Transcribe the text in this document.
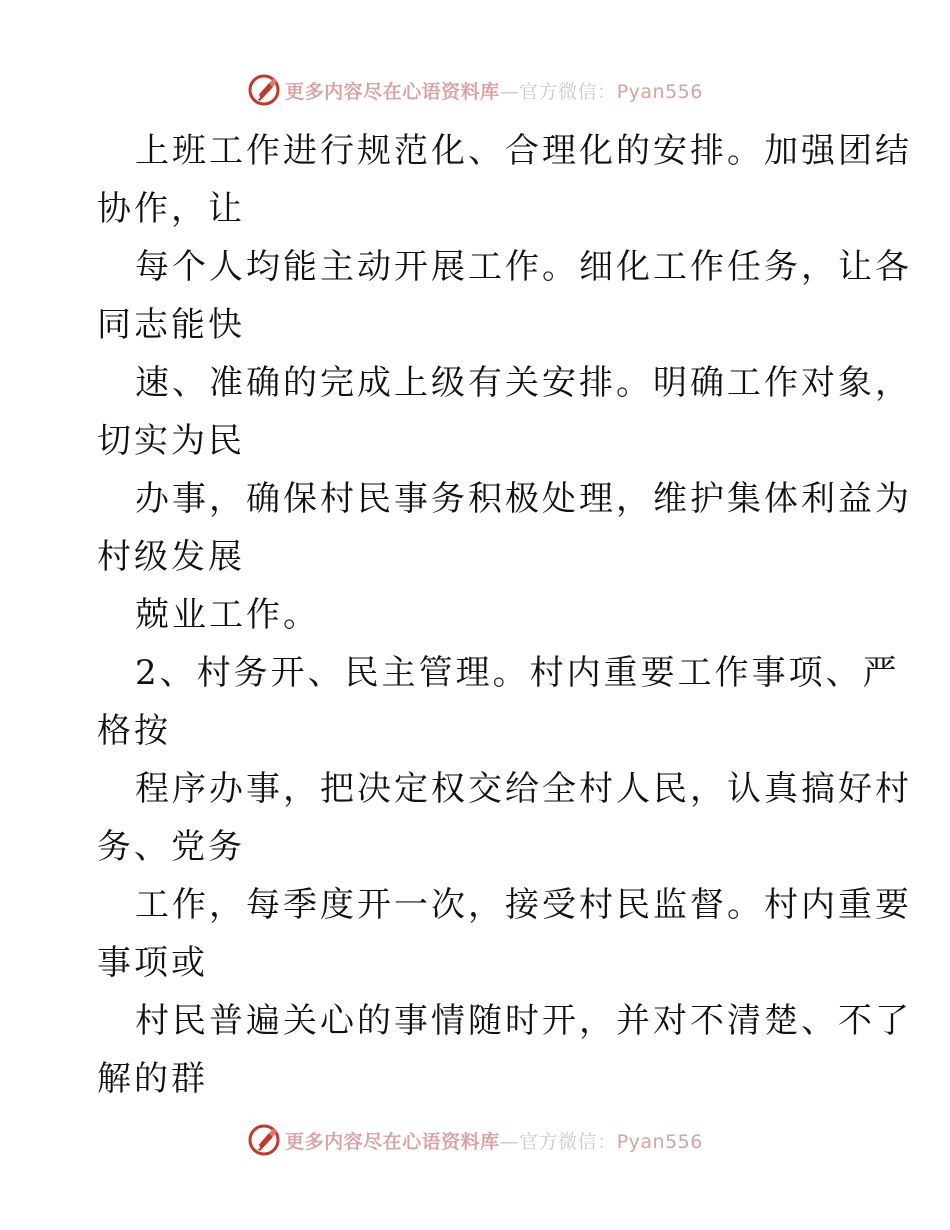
更多内容尽在心语资料库—官方微信：Pyan556
上班工作进行规范化、合理化的安排。加强团结
协作，让
每个人均能主动开展工作。细化工作任务，让各
同志能快
速、准确的完成上级有关安排。明确工作对象，
切实为民
办事，确保村民事务积极处理，维护集体利益为
村级发展
兢业工作。
2、村务开、民主管理。村内重要工作事项、严
格按
程序办事，把决定权交给全村人民，认真搞好村
务、党务
工作，每季度开一次，接受村民监督。村内重要
事项或
村民普遍关心的事情随时开，并对不清楚、不了
解的群
更多内容尽在心语资料库—官方微信：Pyan556
